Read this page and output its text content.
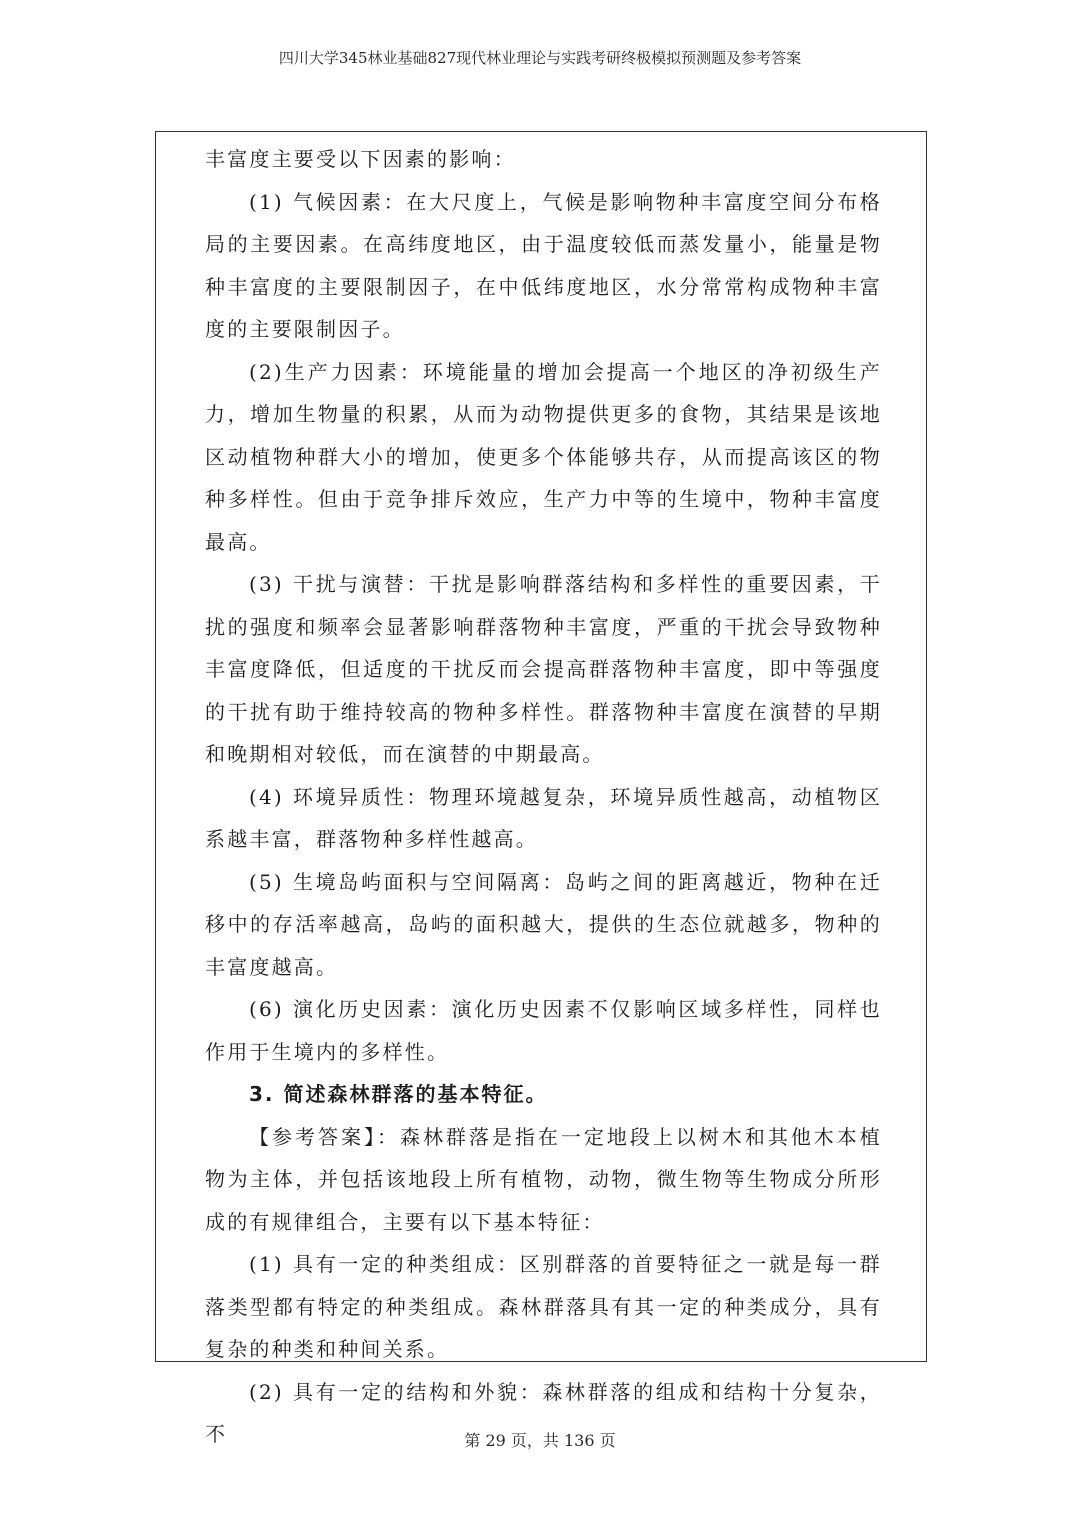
四川大学345林业基础827现代林业理论与实践考研终极模拟预测题及参考答案

丰富度主要受以下因素的影响：

(1) 气候因素：在大尺度上，气候是影响物种丰富度空间分布格局的主要因素。在高纬度地区，由于温度较低而蒸发量小，能量是物种丰富度的主要限制因子，在中低纬度地区，水分常常构成物种丰富度的主要限制因子。

(2)生产力因素：环境能量的增加会提高一个地区的净初级生产力，增加生物量的积累，从而为动物提供更多的食物，其结果是该地区动植物种群大小的增加，使更多个体能够共存，从而提高该区的物种多样性。但由于竞争排斥效应，生产力中等的生境中，物种丰富度最高。

(3) 干扰与演替：干扰是影响群落结构和多样性的重要因素，干扰的强度和频率会显著影响群落物种丰富度，严重的干扰会导致物种丰富度降低，但适度的干扰反而会提高群落物种丰富度，即中等强度的干扰有助于维持较高的物种多样性。群落物种丰富度在演替的早期和晚期相对较低，而在演替的中期最高。

(4) 环境异质性：物理环境越复杂，环境异质性越高，动植物区系越丰富，群落物种多样性越高。

(5) 生境岛屿面积与空间隔离：岛屿之间的距离越近，物种在迁移中的存活率越高，岛屿的面积越大，提供的生态位就越多，物种的丰富度越高。

(6) 演化历史因素：演化历史因素不仅影响区域多样性，同样也作用于生境内的多样性。

3. 简述森林群落的基本特征。

【参考答案】：森林群落是指在一定地段上以树木和其他木本植物为主体，并包括该地段上所有植物，动物，微生物等生物成分所形成的有规律组合，主要有以下基本特征：

(1) 具有一定的种类组成：区别群落的首要特征之一就是每一群落类型都有特定的种类组成。森林群落具有其一定的种类成分，具有复杂的种类和种间关系。

(2) 具有一定的结构和外貌：森林群落的组成和结构十分复杂，不	第 29 页，共 136 页
